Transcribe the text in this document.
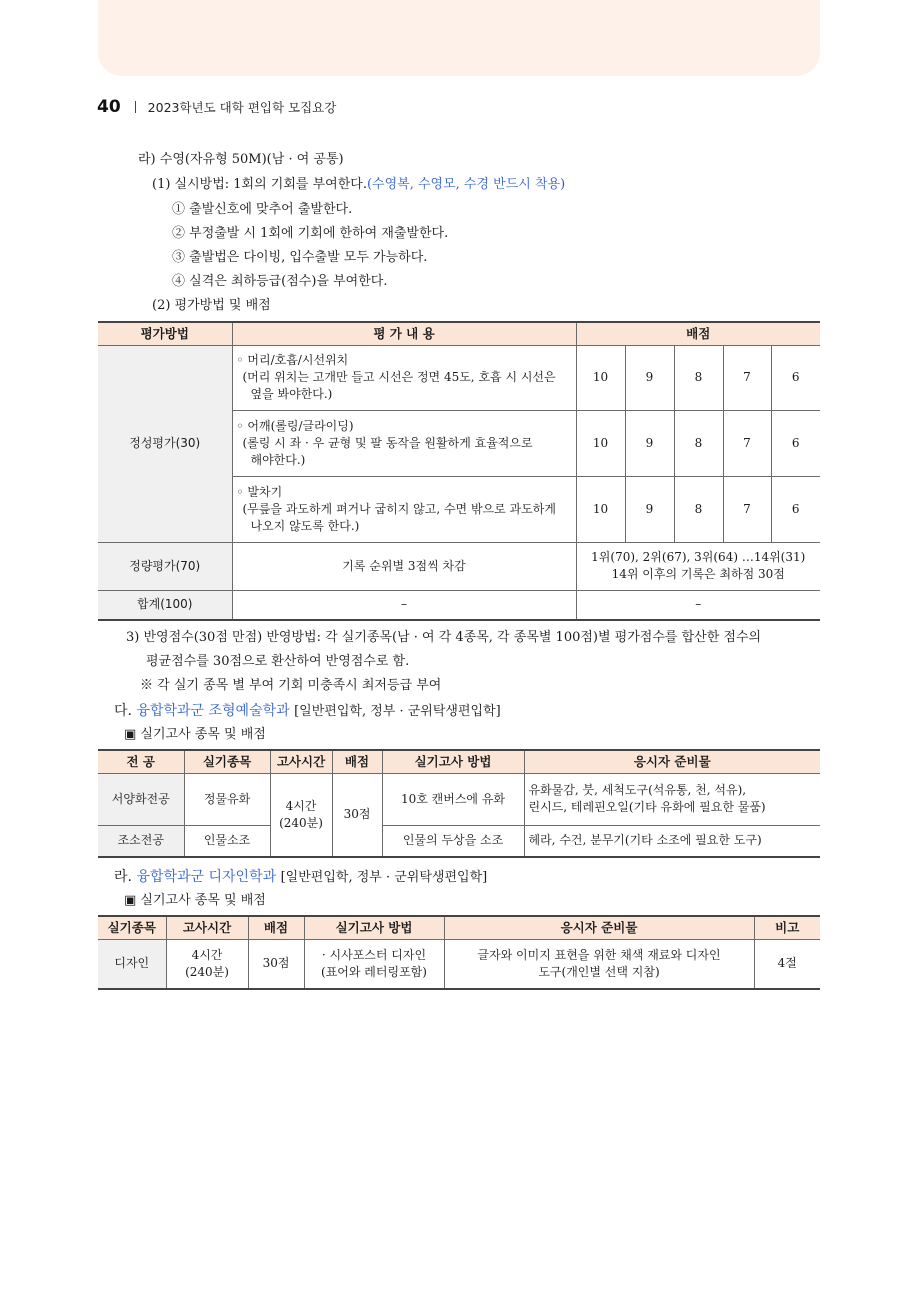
40 2023학년도 대학 편입학 모집요강
라) 수영(자유형 50M)(남 · 여 공통)
(1) 실시방법: 1회의 기회를 부여한다.(수영복, 수영모, 수경 반드시 착용)
① 출발신호에 맞추어 출발한다.
② 부정출발 시 1회에 기회에 한하여 재출발한다.
③ 출발법은 다이빙, 입수출발 모두 가능하다.
④ 실격은 최하등급(점수)을 부여한다.
(2) 평가방법 및 배점
평가방법	평 가 내 용	배점				
정성평가(30)	◦ 머리/호흡/시선위치
(머리 위치는 고개만 들고 시선은 정면 45도, 호흡 시 시선은
옆을 봐야한다.)	10	9	8	7	6

	◦ 어깨(롤링/글라이딩)
(롤링 시 좌 · 우 균형 및 팔 동작을 원활하게 효율적으로
해야한다.)	10	9	8	7	6

	◦ 발차기
(무릎을 과도하게 펴거나 굽히지 않고, 수면 밖으로 과도하게
나오지 않도록 한다.)	10	9	8	7	6
정량평가(70)	기록 순위별 3점씩 차감	1위(70), 2위(67), 3위(64) …14위(31)
14위 이후의 기록은 최하점 30점				

합계(100)	–	–				
3) 반영점수(30점 만점) 반영방법: 각 실기종목(남 · 여 각 4종목, 각 종목별 100점)별 평가점수를 합산한 점수의
평균점수를 30점으로 환산하여 반영점수로 함.
※ 각 실기 종목 별 부여 기회 미충족시 최저등급 부여
다. 융합학과군 조형예술학과 [일반편입학, 정부 · 군위탁생편입학]
▣ 실기고사 종목 및 배점
전 공	실기종목	고사시간	배점	실기고사 방법	응시자 준비물
서양화전공	정물유화	4시간
(240분)	30점	10호 캔버스에 유화	유화물감, 붓, 세척도구(석유통, 천, 석유),
린시드, 테레핀오일(기타 유화에 필요한 물품)

조소전공	인물소조			인물의 두상을 소조	헤라, 수건, 분무기(기타 소조에 필요한 도구)
라. 융합학과군 디자인학과 [일반편입학, 정부 · 군위탁생편입학]
▣ 실기고사 종목 및 배점
실기종목	고사시간	배점	실기고사 방법	응시자 준비물	비고
디자인	4시간
(240분)	30점	· 시사포스터 디자인
(표어와 레터링포함)	글자와 이미지 표현을 위한 채색 재료와 디자인
도구(개인별 선택 지참)	4절
